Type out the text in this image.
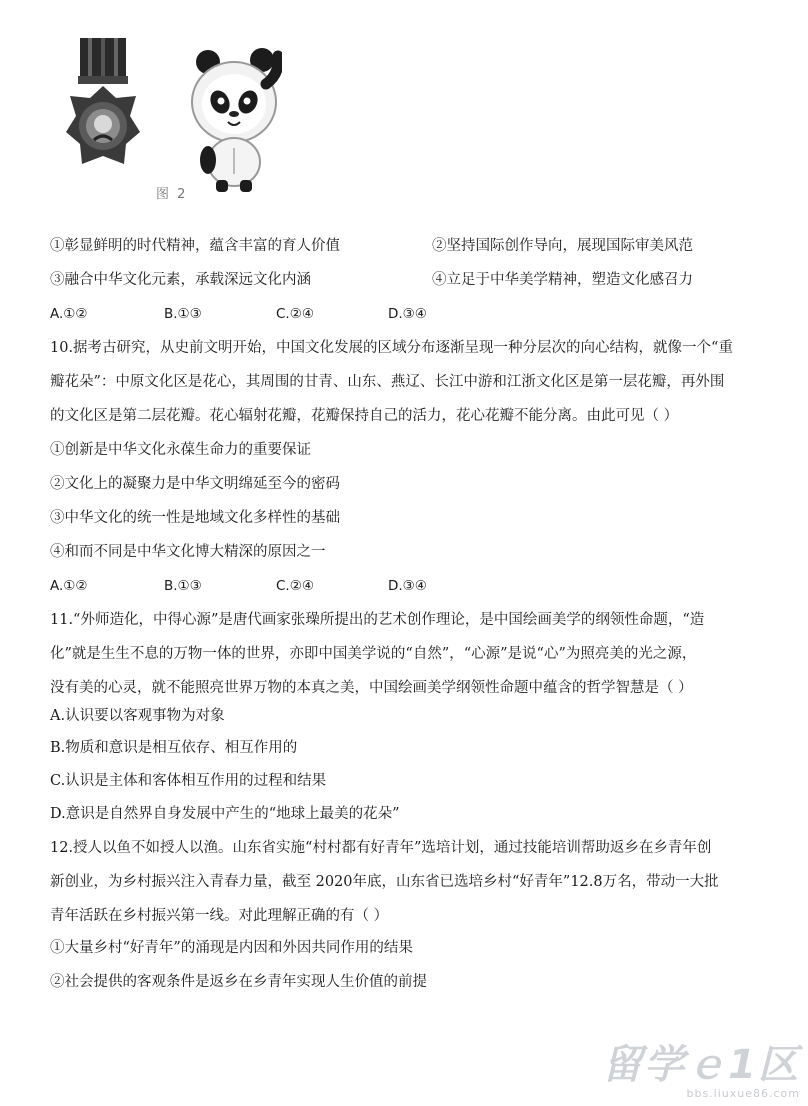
图 2
①彰显鲜明的时代精神，蕴含丰富的育人价值	②坚持国际创作导向，展现国际审美风范
③融合中华文化元素，承载深远文化内涵	④立足于中华美学精神，塑造文化感召力
A.①②	B.①③	C.②④	D.③④
10.据考古研究，从史前文明开始，中国文化发展的区域分布逐渐呈现一种分层次的向心结构，就像一个“重
瓣花朵”：中原文化区是花心，其周围的甘青、山东、燕辽、长江中游和江浙文化区是第一层花瓣，再外围
的文化区是第二层花瓣。花心辐射花瓣，花瓣保持自己的活力，花心花瓣不能分离。由此可见（ ）
①创新是中华文化永葆生命力的重要保证
②文化上的凝聚力是中华文明绵延至今的密码
③中华文化的统一性是地域文化多样性的基础
④和而不同是中华文化博大精深的原因之一
A.①②	B.①③	C.②④	D.③④
11.“外师造化，中得心源”是唐代画家张璪所提出的艺术创作理论，是中国绘画美学的纲领性命题，“造
化”就是生生不息的万物一体的世界，亦即中国美学说的“自然”，“心源”是说“心”为照亮美的光之源，
没有美的心灵，就不能照亮世界万物的本真之美，中国绘画美学纲领性命题中蕴含的哲学智慧是（ ）
A.认识要以客观事物为对象
B.物质和意识是相互依存、相互作用的
C.认识是主体和客体相互作用的过程和结果
D.意识是自然界自身发展中产生的“地球上最美的花朵”
12.授人以鱼不如授人以渔。山东省实施“村村都有好青年”选培计划，通过技能培训帮助返乡在乡青年创
新创业，为乡村振兴注入青春力量，截至 2020年底，山东省已选培乡村“好青年”12.8万名，带动一大批
青年活跃在乡村振兴第一线。对此理解正确的有（ ）
①大量乡村“好青年”的涌现是内因和外因共同作用的结果
②社会提供的客观条件是返乡在乡青年实现人生价值的前提
留学ｅ1区
bbs.liuxue86.com
